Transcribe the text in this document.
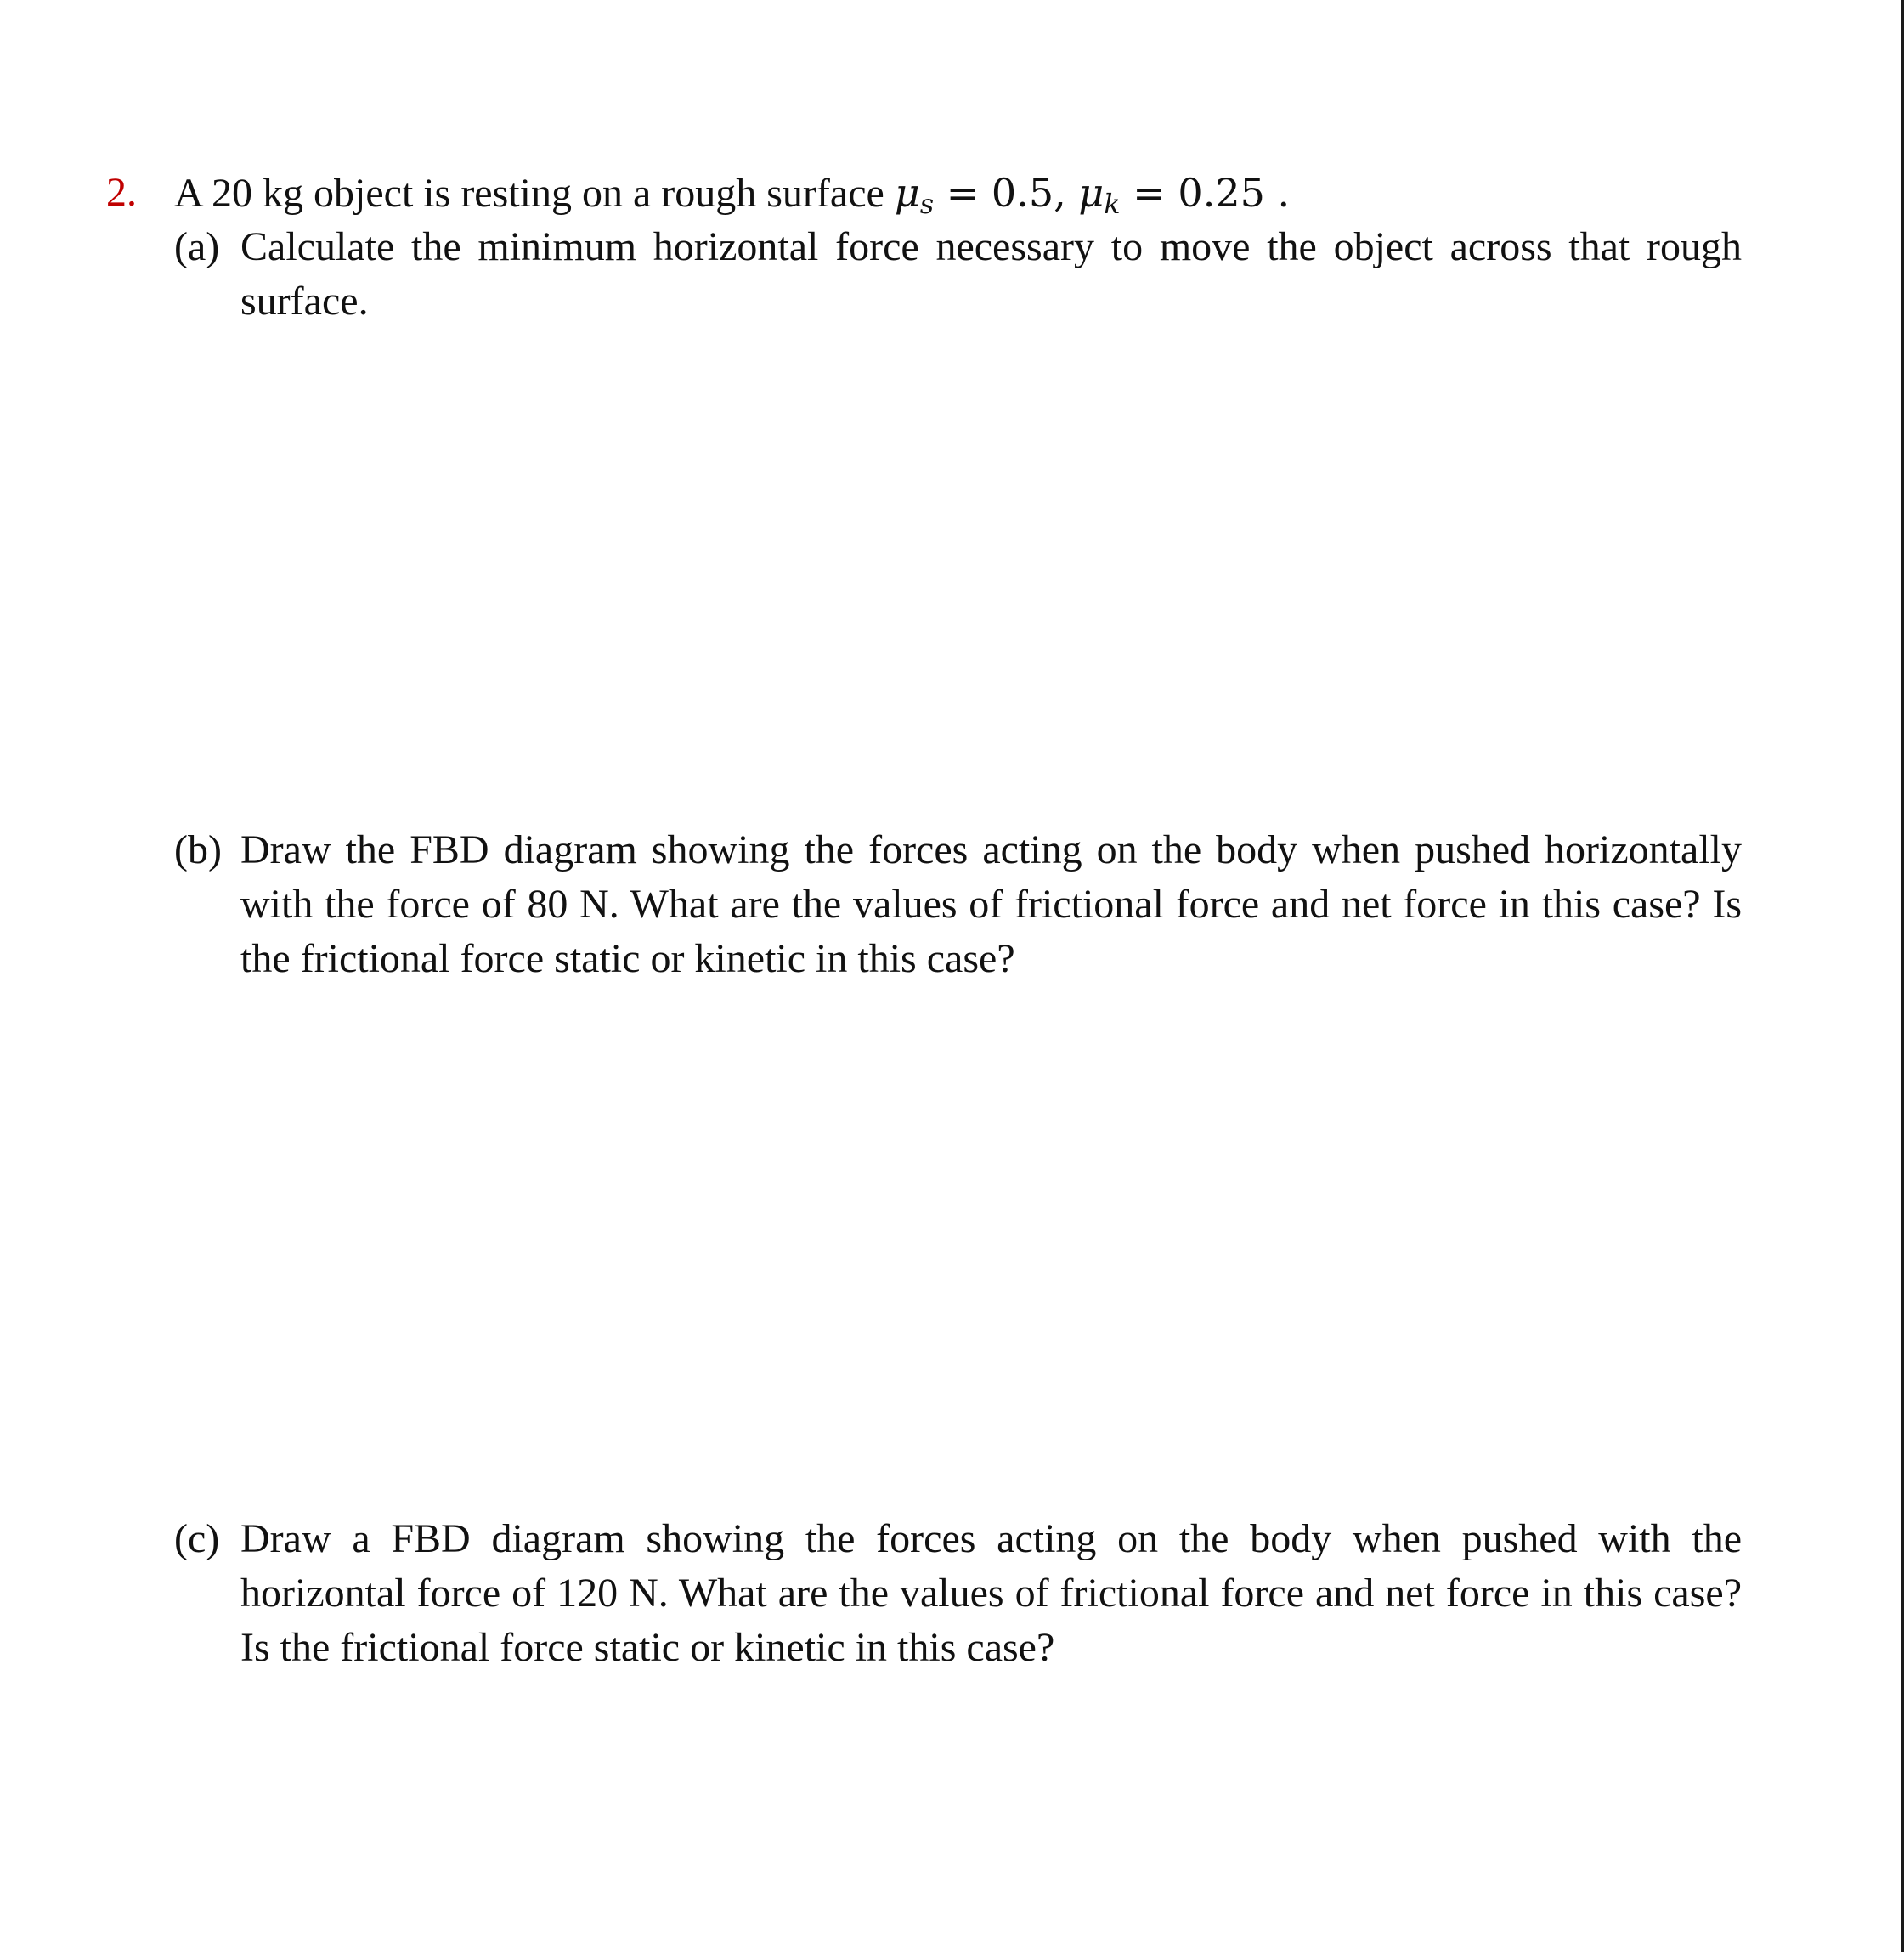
2. A 20 kg object is resting on a rough surface $\mu_s = 0.5$, $\mu_k = 0.25$ .
(a) Calculate the minimum horizontal force necessary to move the object across that rough surface.
(b) Draw the FBD diagram showing the forces acting on the body when pushed horizontally with the force of 80 N. What are the values of frictional force and net force in this case? Is the frictional force static or kinetic in this case?
(c) Draw a FBD diagram showing the forces acting on the body when pushed with the horizontal force of 120 N. What are the values of frictional force and net force in this case? Is the frictional force static or kinetic in this case?
